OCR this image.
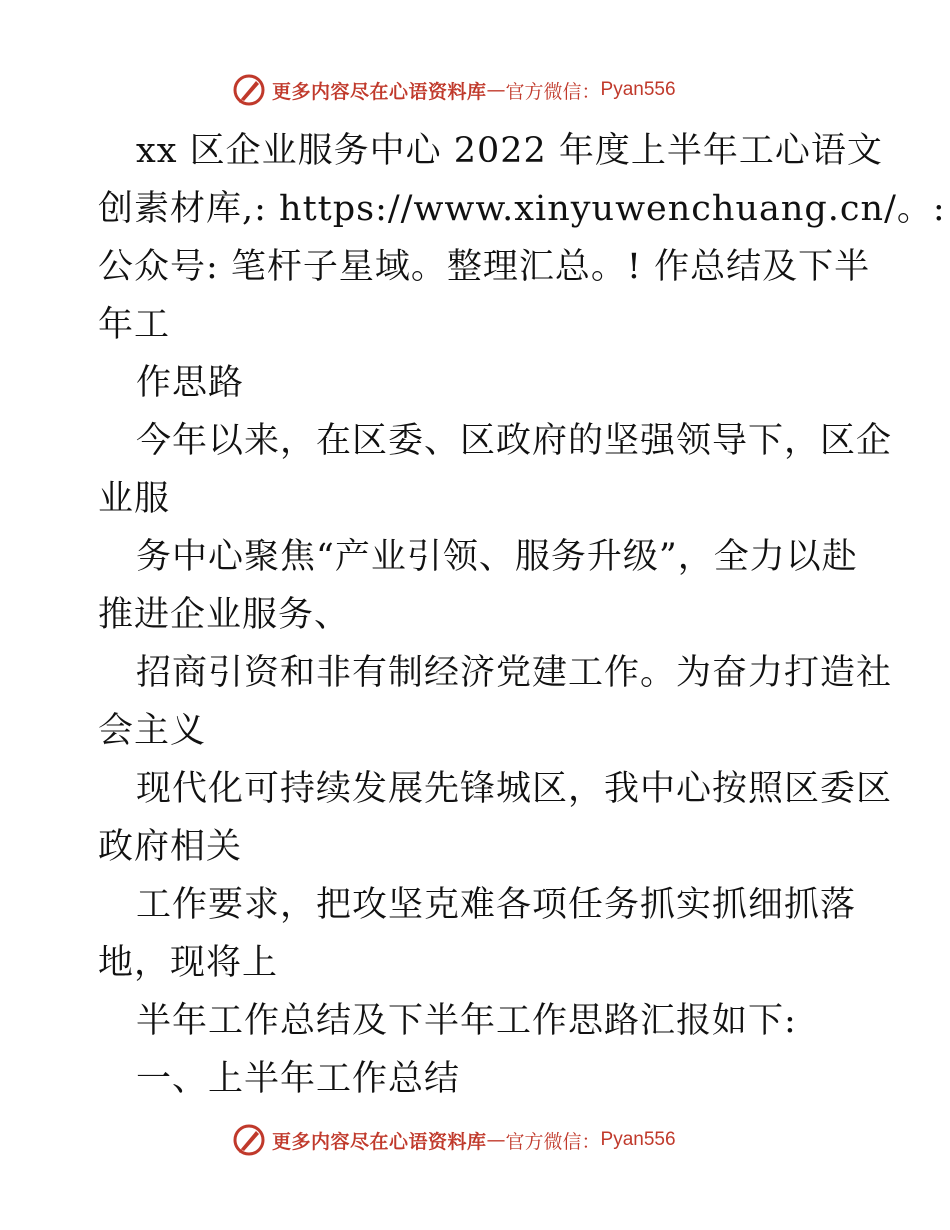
更多内容尽在心语资料库 — 官方微信： Pyan556
xx 区企业服务中心 2022 年度上半年工心语文
创素材库,: https://www.xinyuwenchuang.cn/。:
公众号: 笔杆子星域。整理汇总。! 作总结及下半
年工
作思路
今年以来，在区委、区政府的坚强领导下，区企
业服
务中心聚焦“产业引领、服务升级”，全力以赴
推进企业服务、
招商引资和非有制经济党建工作。为奋力打造社
会主义
现代化可持续发展先锋城区，我中心按照区委区
政府相关
工作要求，把攻坚克难各项任务抓实抓细抓落
地，现将上
半年工作总结及下半年工作思路汇报如下:
一、上半年工作总结
更多内容尽在心语资料库 — 官方微信： Pyan556
